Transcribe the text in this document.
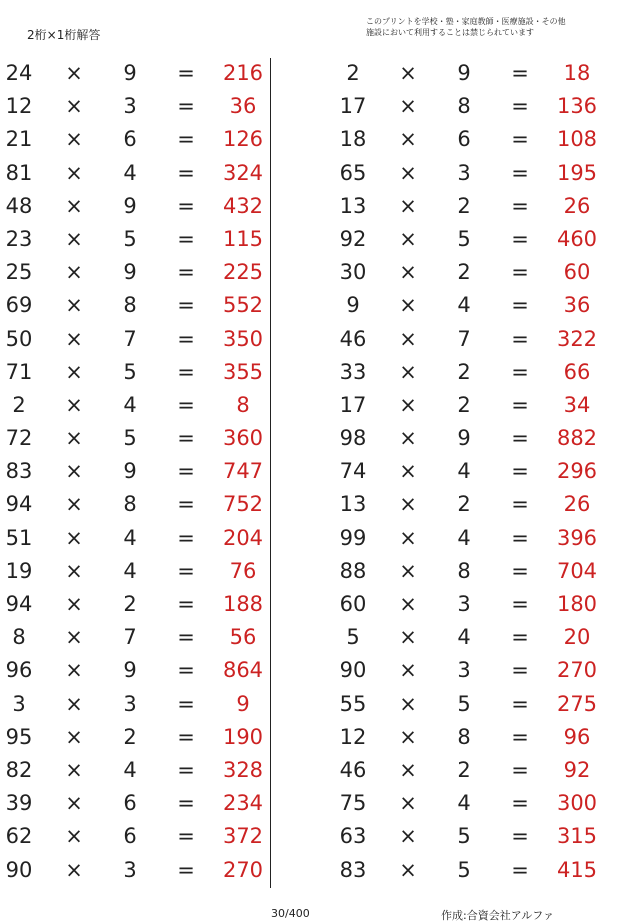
2桁×1桁解答
このプリントを学校・塾・家庭教師・医療施設・その他
施設において利用することは禁じられています
24	×	9	=	216
12	×	3	=	36
21	×	6	=	126
81	×	4	=	324
48	×	9	=	432
23	×	5	=	115
25	×	9	=	225
69	×	8	=	552
50	×	7	=	350
71	×	5	=	355
2	×	4	=	8
72	×	5	=	360
83	×	9	=	747
94	×	8	=	752
51	×	4	=	204
19	×	4	=	76
94	×	2	=	188
8	×	7	=	56
96	×	9	=	864
3	×	3	=	9
95	×	2	=	190
82	×	4	=	328
39	×	6	=	234
62	×	6	=	372
90	×	3	=	270
2	×	9	=	18
17	×	8	=	136
18	×	6	=	108
65	×	3	=	195
13	×	2	=	26
92	×	5	=	460
30	×	2	=	60
9	×	4	=	36
46	×	7	=	322
33	×	2	=	66
17	×	2	=	34
98	×	9	=	882
74	×	4	=	296
13	×	2	=	26
99	×	4	=	396
88	×	8	=	704
60	×	3	=	180
5	×	4	=	20
90	×	3	=	270
55	×	5	=	275
12	×	8	=	96
46	×	2	=	92
75	×	4	=	300
63	×	5	=	315
83	×	5	=	415
30/400	作成:合資会社アルファ
